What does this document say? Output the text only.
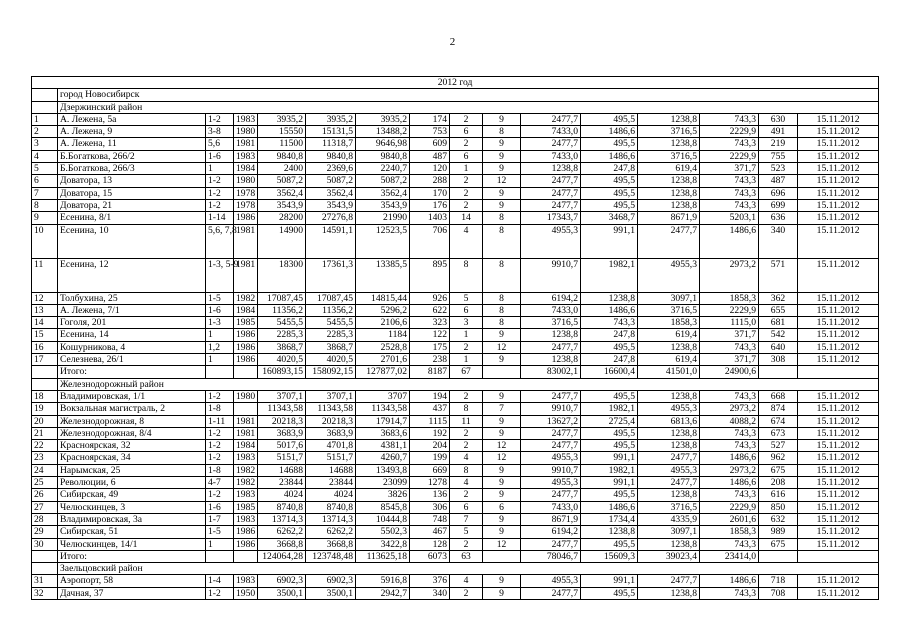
2
2012 год															
	город Новосибирск														
	Дзержинский район														
1	А. Лежена, 5а	1-2	1983	3935,2	3935,2	3935,2	174	2	9	2477,7	495,5	1238,8	743,3	630	15.11.2012
2	А. Лежена, 9	3-8	1980	15550	15131,5	13488,2	753	6	8	7433,0	1486,6	3716,5	2229,9	491	15.11.2012
3	А. Лежена, 11	5,6	1981	11500	11318,7	9646,98	609	2	9	2477,7	495,5	1238,8	743,3	219	15.11.2012
4	Б.Богаткова, 266/2	1-6	1983	9840,8	9840,8	9840,8	487	6	9	7433,0	1486,6	3716,5	2229,9	755	15.11.2012
5	Б.Богаткова, 266/3	1	1984	2400	2369,6	2240,7	120	1	9	1238,8	247,8	619,4	371,7	523	15.11.2012
6	Доватора, 13	1-2	1980	5087,2	5087,2	5087,2	288	2	12	2477,7	495,5	1238,8	743,3	487	15.11.2012
7	Доватора, 15	1-2	1978	3562,4	3562,4	3562,4	170	2	9	2477,7	495,5	1238,8	743,3	696	15.11.2012
8	Доватора, 21	1-2	1978	3543,9	3543,9	3543,9	176	2	9	2477,7	495,5	1238,8	743,3	699	15.11.2012
9	Есенина, 8/1	1-14	1986	28200	27276,8	21990	1403	14	8	17343,7	3468,7	8671,9	5203,1	636	15.11.2012
10	Есенина, 10	5,6, 7,8	1981	14900	14591,1	12523,5	706	4	8	4955,3	991,1	2477,7	1486,6	340	15.11.2012
11	Есенина, 12	1-3, 5-9	1981	18300	17361,3	13385,5	895	8	8	9910,7	1982,1	4955,3	2973,2	571	15.11.2012
12	Толбухина, 25	1-5	1982	17087,45	17087,45	14815,44	926	5	8	6194,2	1238,8	3097,1	1858,3	362	15.11.2012
13	А. Лежена, 7/1	1-6	1984	11356,2	11356,2	5296,2	622	6	8	7433,0	1486,6	3716,5	2229,9	655	15.11.2012
14	Гоголя, 201	1-3	1985	5455,5	5455,5	2106,6	323	3	8	3716,5	743,3	1858,3	1115,0	681	15.11.2012
15	Есенина, 14	1	1986	2285,3	2285,3	1184	122	1	9	1238,8	247,8	619,4	371,7	542	15.11.2012
16	Кошурникова, 4	1,2	1986	3868,7	3868,7	2528,8	175	2	12	2477,7	495,5	1238,8	743,3	640	15.11.2012
17	Селезнева, 26/1	1	1986	4020,5	4020,5	2701,6	238	1	9	1238,8	247,8	619,4	371,7	308	15.11.2012
	Итого:			160893,15	158092,15	127877,02	8187	67		83002,1	16600,4	41501,0	24900,6		
	Железнодорожный район														
18	Владимировская, 1/1	1-2	1980	3707,1	3707,1	3707	194	2	9	2477,7	495,5	1238,8	743,3	668	15.11.2012
19	Вокзальная магистраль, 2	1-8		11343,58	11343,58	11343,58	437	8	7	9910,7	1982,1	4955,3	2973,2	874	15.11.2012
20	Железнодорожная, 8	1-11	1981	20218,3	20218,3	17914,7	1115	11	9	13627,2	2725,4	6813,6	4088,2	674	15.11.2012
21	Железнодорожная, 8/4	1-2	1981	3683,9	3683,9	3683,6	192	2	9	2477,7	495,5	1238,8	743,3	673	15.11.2012
22	Красноярская, 32	1-2	1984	5017,6	4701,8	4381,1	204	2	12	2477,7	495,5	1238,8	743,3	527	15.11.2012
23	Красноярская, 34	1-2	1983	5151,7	5151,7	4260,7	199	4	12	4955,3	991,1	2477,7	1486,6	962	15.11.2012
24	Нарымская, 25	1-8	1982	14688	14688	13493,8	669	8	9	9910,7	1982,1	4955,3	2973,2	675	15.11.2012
25	Революции, 6	4-7	1982	23844	23844	23099	1278	4	9	4955,3	991,1	2477,7	1486,6	208	15.11.2012
26	Сибирская, 49	1-2	1983	4024	4024	3826	136	2	9	2477,7	495,5	1238,8	743,3	616	15.11.2012
27	Челюскинцев, 3	1-6	1985	8740,8	8740,8	8545,8	306	6	6	7433,0	1486,6	3716,5	2229,9	850	15.11.2012
28	Владимировская, 3а	1-7	1983	13714,3	13714,3	10444,8	748	7	9	8671,9	1734,4	4335,9	2601,6	632	15.11.2012
29	Сибирская, 51	1-5	1986	6262,2	6262,2	5502,3	467	5	9	6194,2	1238,8	3097,1	1858,3	989	15.11.2012
30	Челюскинцев, 14/1	1	1986	3668,8	3668,8	3422,8	128	2	12	2477,7	495,5	1238,8	743,3	675	15.11.2012
	Итого:			124064,28	123748,48	113625,18	6073	63		78046,7	15609,3	39023,4	23414,0		
	Заельцовский район														
31	Аэропорт, 58	1-4	1983	6902,3	6902,3	5916,8	376	4	9	4955,3	991,1	2477,7	1486,6	718	15.11.2012
32	Дачная, 37	1-2	1950	3500,1	3500,1	2942,7	340	2	9	2477,7	495,5	1238,8	743,3	708	15.11.2012
